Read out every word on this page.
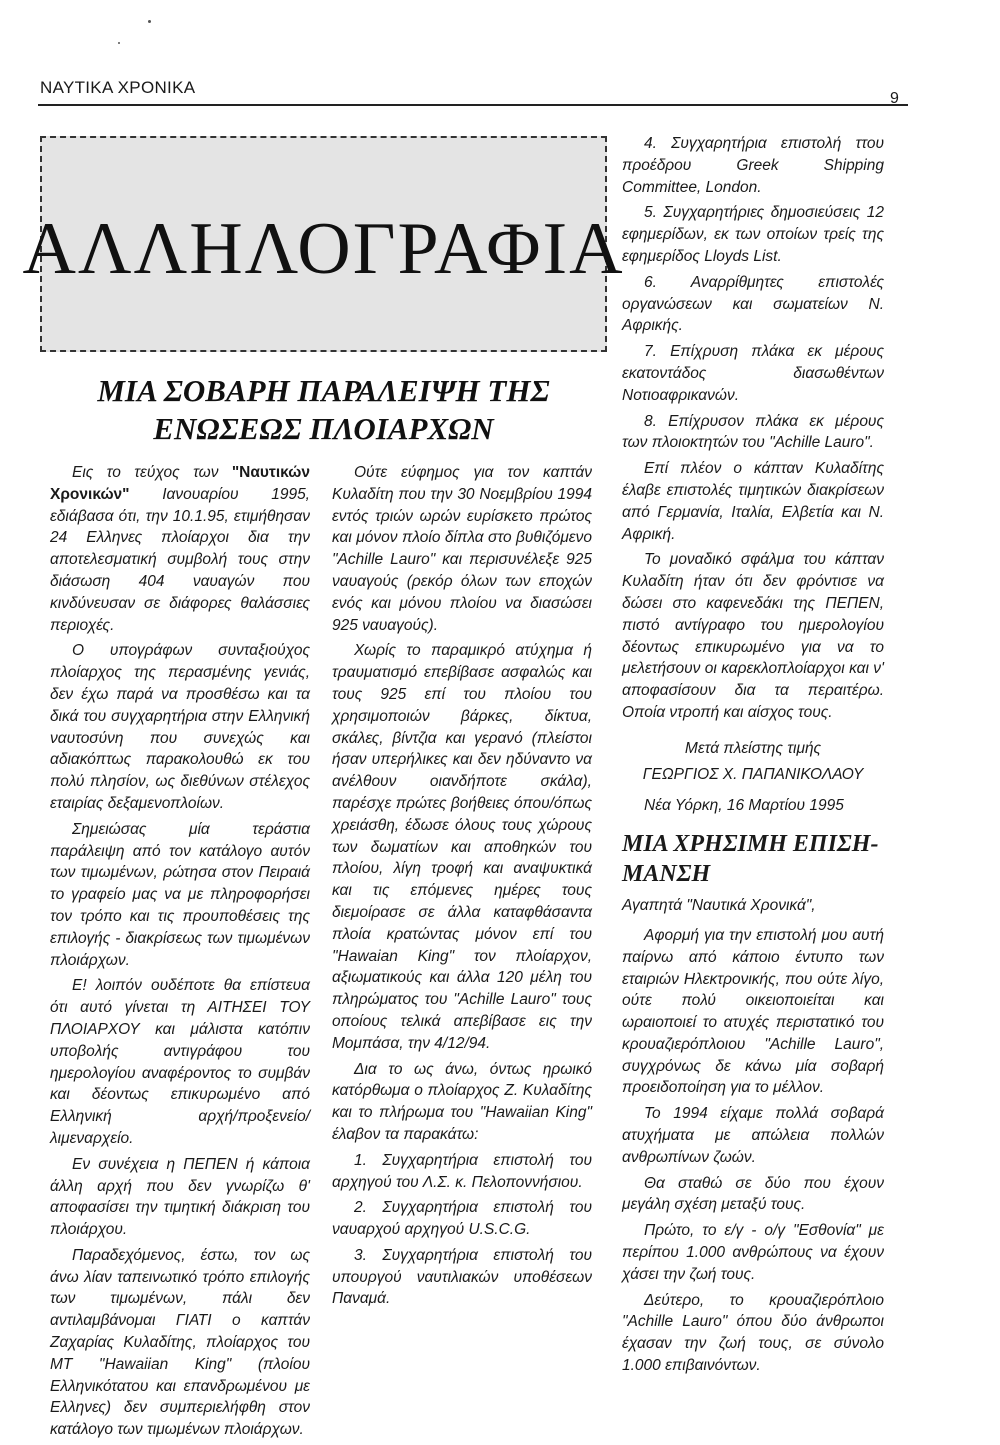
ΝΑΥΤΙΚΑ ΧΡΟΝΙΚΑ
9
ΑΛΛΗΛΟΓΡΑΦΙΑ
ΜΙΑ ΣΟΒΑΡΗ ΠΑΡΑΛΕΙΨΗ ΤΗΣ
ΕΝΩΣΕΩΣ ΠΛΟΙΑΡΧΩΝ

Εις το τεύχος των "Ναυτικών Χρονικών" Ιανουαρίου 1995, εδιάβασα ότι, την 10.1.95, ετιμήθησαν 24 Ελληνες πλοίαρχοι δια την αποτελεσματική συμβολή τους στην διάσωση 404 ναυαγών που κινδύνευσαν σε διάφορες θαλάσσιες περιοχές.

Ο υπογράφων συνταξιούχος πλοίαρχος της περασμένης γενιάς, δεν έχω παρά να προσθέσω και τα δικά του συγχαρητήρια στην Ελληνική ναυτοσύνη που συνεχώς και αδιακόπτως παρακολουθώ εκ του πολύ πλησίον, ως διεθύνων στέλεχος εταιρίας δεξαμενοπλοίων.

Σημειώσας μία τεράστια παράλειψη από τον κατάλογο αυτόν των τιμωμένων, ρώτησα στον Πειραιά το γραφείο μας να με πληροφορήσει τον τρόπο και τις προυποθέσεις της επιλογής - διακρίσεως των τιμωμένων πλοιάρχων.

Ε! λοιπόν ουδέποτε θα επίστευα ότι αυτό γίνεται τη ΑΙΤΗΣΕΙ ΤΟΥ ΠΛΟΙΑΡΧΟΥ και μάλιστα κατόπιν υποβολής αντιγράφου του ημερολογίου αναφέροντος το συμβάν και δέοντως επικυρωμένο από Ελληνική αρχή/προξενείο/λιμεναρχείο.

Εν συνέχεια η ΠΕΠΕΝ ή κάποια άλλη αρχή που δεν γνωρίζω θ' αποφασίσει την τιμητική διάκριση του πλοιάρχου.

Παραδεχόμενος, έστω, τον ως άνω λίαν ταπεινωτικό τρόπο επιλογής των τιμωμένων, πάλι δεν αντιλαμβάνομαι ΓΙΑΤΙ ο καπτάν Ζαχαρίας Κυλαδίτης, πλοίαρχος του ΜΤ "Hawaiian King" (πλοίου Ελληνικότατου και επανδρωμένου με Ελληνες) δεν συμπεριελήφθη στον κατάλογο των τιμωμένων πλοιάρχων.

Ούτε εύφημος για τον καπτάν Κυλαδίτη που την 30 Νοεμβρίου 1994 εντός τριών ωρών ευρίσκετο πρώτος και μόνον πλοίο δίπλα στο βυθιζόμενο "Achille Lauro" και περισυνέλεξε 925 ναυαγούς (ρεκόρ όλων των εποχών ενός και μόνου πλοίου να διασώσει 925 ναυαγούς).

Χωρίς το παραμικρό ατύχημα ή τραυματισμό επεβίβασε ασφαλώς και τους 925 επί του πλοίου του χρησιμοποιών βάρκες, δίκτυα, σκάλες, βίντζια και γερανό (πλείστοι ήσαν υπερήλικες και δεν ηδύναντο να ανέλθουν οιανδήποτε σκάλα), παρέσχε πρώτες βοήθειες όπου/όπως χρειάσθη, έδωσε όλους τους χώρους των δωματίων και αποθηκών του πλοίου, λίγη τροφή και αναψυκτικά και τις επόμενες ημέρες τους διεμοίρασε σε άλλα καταφθάσαντα πλοία κρατώντας μόνον επί του "Hawaian King" τον πλοίαρχον, αξιωματικούς και άλλα 120 μέλη του πληρώματος του "Achille Lauro" τους οποίους τελικά απεβίβασε εις την Μομπάσα, την 4/12/94.

Δια το ως άνω, όντως ηρωικό κατόρθωμα ο πλοίαρχος Ζ. Κυλαδίτης και το πλήρωμα του "Hawaiian King" έλαβον τα παρακάτω:

1. Συγχαρητήρια επιστολή του αρχηγού του Λ.Σ. κ. Πελοποννήσιου.

2. Συγχαρητήρια επιστολή του ναυαρχού αρχηγού U.S.C.G.

3. Συγχαρητήρια επιστολή του υπουργού ναυτιλιακών υποθέσεων Παναμά.

4. Συγχαρητήρια επιστολή ττου προέδρου Greek Shipping Committee, London.

5. Συγχαρητήριες δημοσιεύσεις 12 εφημερίδων, εκ των οποίων τρείς της εφημερίδος Lloyds List.

6. Αναρρίθμητες επιστολές οργανώσεων και σωματείων Ν. Αφρικής.

7. Επίχρυση πλάκα εκ μέρους εκατοντάδος διασωθέντων Νοτιοαφρικανών.

8. Επίχρυσον πλάκα εκ μέρους των πλοιοκτητών του "Achille Lauro".

Επί πλέον ο κάπταν Κυλαδίτης έλαβε επιστολές τιμητικών διακρίσεων από Γερμανία, Ιταλία, Ελβετία και Ν. Αφρική.

Το μοναδικό σφάλμα του κάπταν Κυλαδίτη ήταν ότι δεν φρόντισε να δώσει στο καφενεδάκι της ΠΕΠΕΝ, πιστό αντίγραφο του ημερολογίου δέοντως επικυρωμένο για να το μελετήσουν οι καρεκλοπλοίαρχοι και ν' αποφασίσουν δια τα περαιτέρω. Οποία ντροπή και αίσχος τους.

Μετά πλείστης τιμής

ΓΕΩΡΓΙΟΣ Χ. ΠΑΠΑΝΙΚΟΛΑΟΥ

Νέα Υόρκη, 16 Μαρτίου 1995

ΜΙΑ ΧΡΗΣΙΜΗ ΕΠΙΣΗ-
ΜΑΝΣΗ

Αγαπητά "Ναυτικά Χρονικά",

Αφορμή για την επιστολή μου αυτή παίρνω από κάποιο έντυπο των εταιριών Ηλεκτρονικής, που ούτε λίγο, ούτε πολύ οικειοποιείται και ωραιοποιεί το ατυχές περιστατικό του κρουαζιερόπλοιου "Achille Lauro", συγχρόνως δε κάνω μία σοβαρή προειδοποίηση για το μέλλον.

Το 1994 είχαμε πολλά σοβαρά ατυχήματα με απώλεια πολλών ανθρωπίνων ζωών.

Θα σταθώ σε δύο που έχουν μεγάλη σχέση μεταξύ τους.

Πρώτο, το ε/γ - ο/γ "Εσθονία" με περίπου 1.000 ανθρώπους να έχουν χάσει την ζωή τους.

Δεύτερο, το κρουαζιερόπλοιο "Achille Lauro" όπου δύο άνθρωποι έχασαν την ζωή τους, σε σύνολο 1.000 επιβαινόντων.
